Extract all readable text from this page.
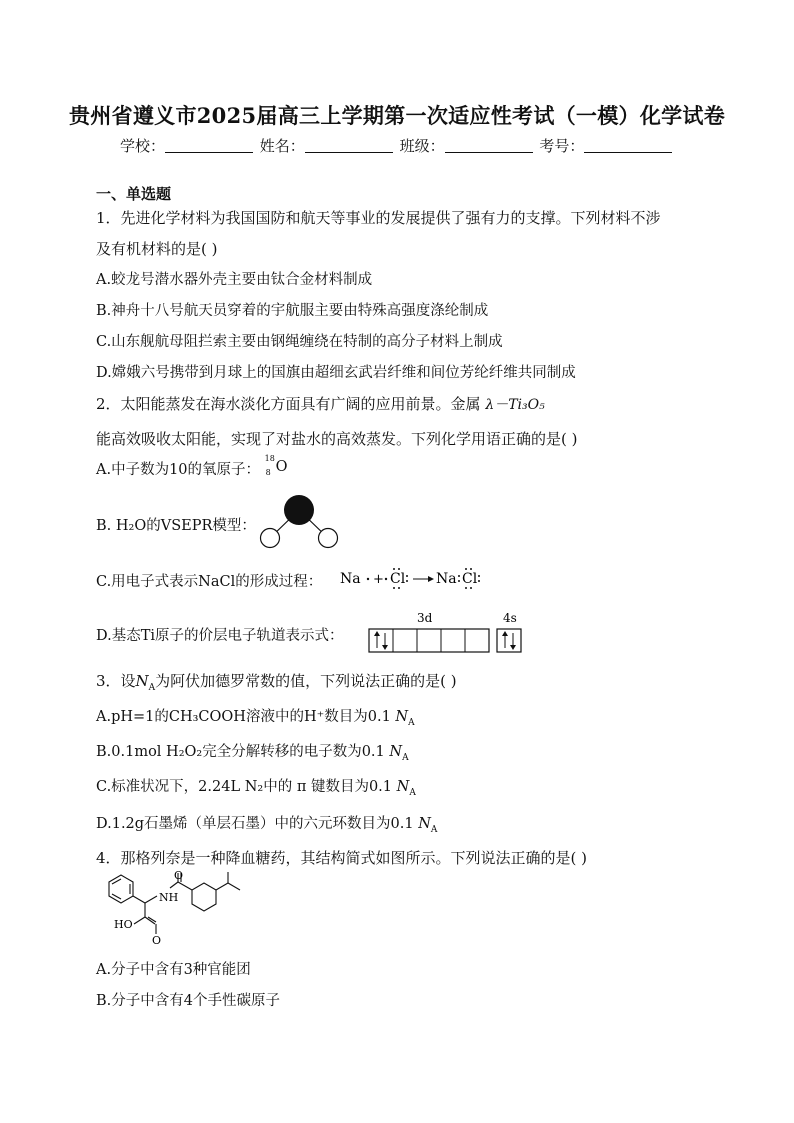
贵州省遵义市2025届高三上学期第一次适应性考试（一模）化学试卷
学校：	姓名：	班级：	考号：
一、单选题
1．先进化学材料为我国国防和航天等事业的发展提供了强有力的支撑。下列材料不涉
及有机材料的是( )
A.蛟龙号潜水器外壳主要由钛合金材料制成
B.神舟十八号航天员穿着的宇航服主要由特殊高强度涤纶制成
C.山东舰航母阻拦索主要由钢绳缠绕在特制的高分子材料上制成
D.嫦娥六号携带到月球上的国旗由超细玄武岩纤维和间位芳纶纤维共同制成
2．太阳能蒸发在海水淡化方面具有广阔的应用前景。金属 λ－Ti₃O₅
能高效吸收太阳能，实现了对盐水的高效蒸发。下列化学用语正确的是( )
A.中子数为10的氧原子：
18
8 O
B. H₂O的VSEPR模型：
C.用电子式表示NaCl的形成过程： Na + Cl Na Cl
D.基态Ti原子的价层电子轨道表示式：
3d	4s
3．设$N_A$为阿伏加德罗常数的值，下列说法正确的是( )
A.pH=1的CH₃COOH溶液中的H⁺数目为0.1 $N_A$
B.0.1mol H₂O₂完全分解转移的电子数为0.1 $N_A$
C.标准状况下，2.24L N₂中的 π 键数目为0.1 $N_A$
D.1.2g石墨烯（单层石墨）中的六元环数目为0.1 $N_A$
4．那格列奈是一种降血糖药，其结构简式如图所示。下列说法正确的是( )
NH
O
HO
O
A.分子中含有3种官能团
B.分子中含有4个手性碳原子
